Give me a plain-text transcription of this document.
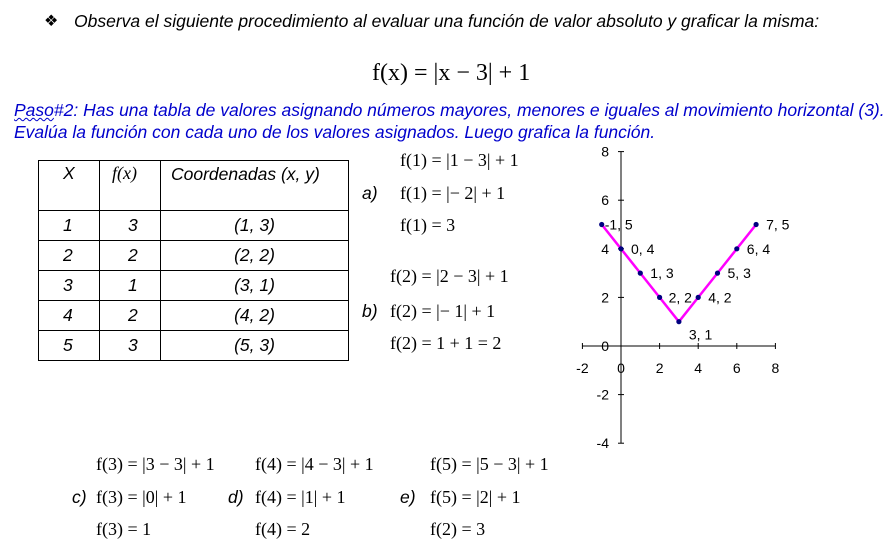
❖ Observa el siguiente procedimiento al evaluar una función de valor absoluto y graficar la misma:
f(x) = |x − 3| + 1
Paso#2: Has una tabla de valores asignando números mayores, menores e iguales al movimiento horizontal (3). Evalúa la función con cada uno de los valores asignados. Luego grafica la función.
X	f(x)	Coordenadas (x, y)
1	3	(1, 3)
2	2	(2, 2)
3	1	(3, 1)
4	2	(4, 2)
5	3	(5, 3)
f(1) = |1 − 3| + 1
a) f(1) = |− 2| + 1
f(1) = 3
f(2) = |2 − 3| + 1
b) f(2) = |− 1| + 1
f(2) = 1 + 1 = 2
f(3) = |3 − 3| + 1
c) f(3) = |0| + 1
f(3) = 1
f(4) = |4 − 3| + 1
d) f(4) = |1| + 1
f(4) = 2
f(5) = |5 − 3| + 1
e) f(5) = |2| + 1
f(2) = 3
-2 0 2 4 6 8
-4
-2
2
4
6
8
0
-1, 5
0, 4
1, 3
2, 2
3, 1
4, 2
5, 3
6, 4
7, 5
